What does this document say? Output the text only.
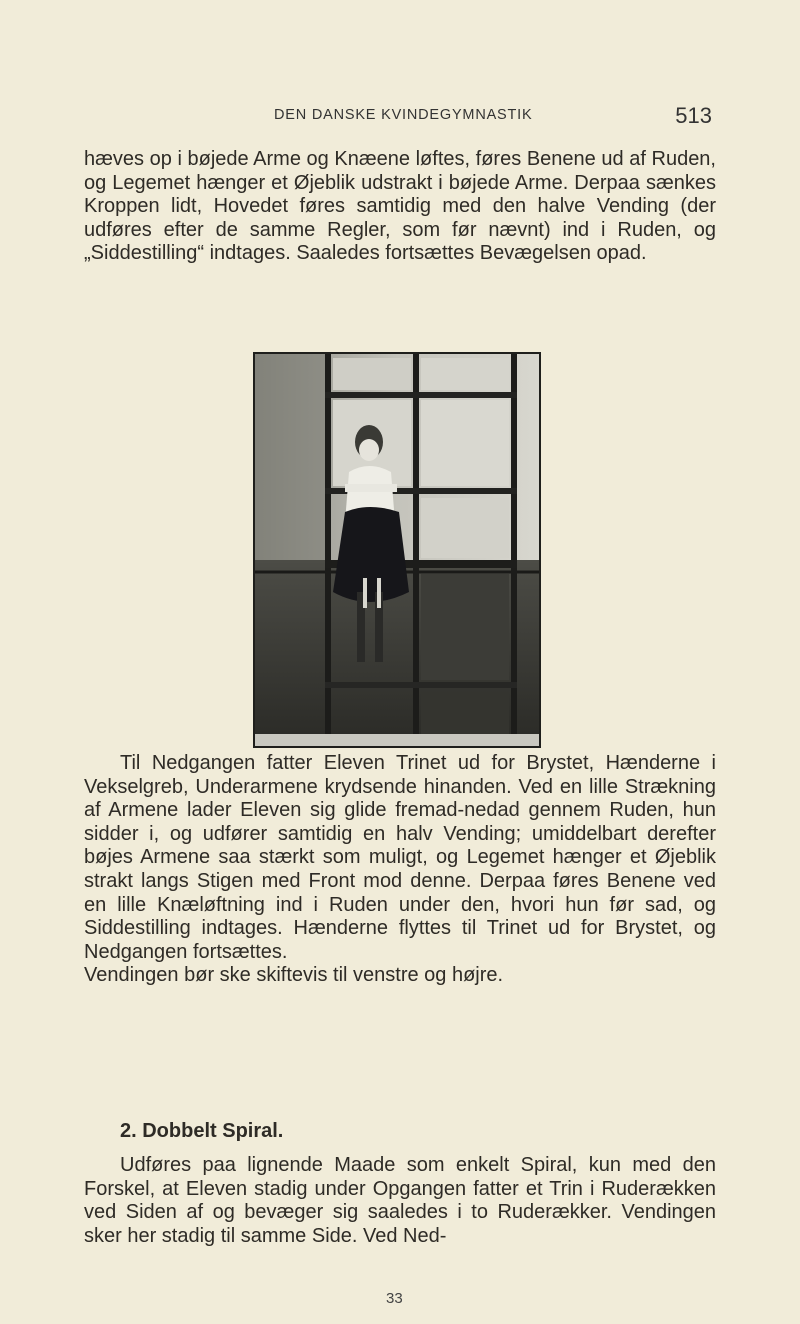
DEN DANSKE KVINDEGYMNASTIK	513

hæves op i bøjede Arme og Knæene løftes, føres Benene ud af Ruden, og Legemet hænger et Øjeblik udstrakt i bøjede Arme. Derpaa sænkes Kroppen lidt, Hovedet føres samtidig med den halve Vending (der udføres efter de samme Regler, som før nævnt) ind i Ruden, og „Siddestilling“ indtages. Saaledes fortsættes Bevægelsen opad.

Til Nedgangen fatter Eleven Trinet ud for Brystet, Hænderne i Vekselgreb, Underarmene krydsende hinanden. Ved en lille Strækning af Armene lader Eleven sig glide fremad-nedad gennem Ruden, hun sidder i, og udfører samtidig en halv Vending; umiddelbart derefter bøjes Armene saa stærkt som muligt, og Legemet hænger et Øjeblik strakt langs Stigen med Front mod denne. Derpaa føres Benene ved en lille Knæløftning ind i Ruden under den, hvori hun før sad, og Siddestilling indtages. Hænderne flyttes til Trinet ud for Brystet, og Nedgangen fortsættes.
Vendingen bør ske skiftevis til venstre og højre.

2. Dobbelt Spiral.

Udføres paa lignende Maade som enkelt Spiral, kun med den Forskel, at Eleven stadig under Opgangen fatter et Trin i Ruderækken ved Siden af og bevæger sig saaledes i to Ruderækker. Vendingen sker her stadig til samme Side. Ved Ned-

33
